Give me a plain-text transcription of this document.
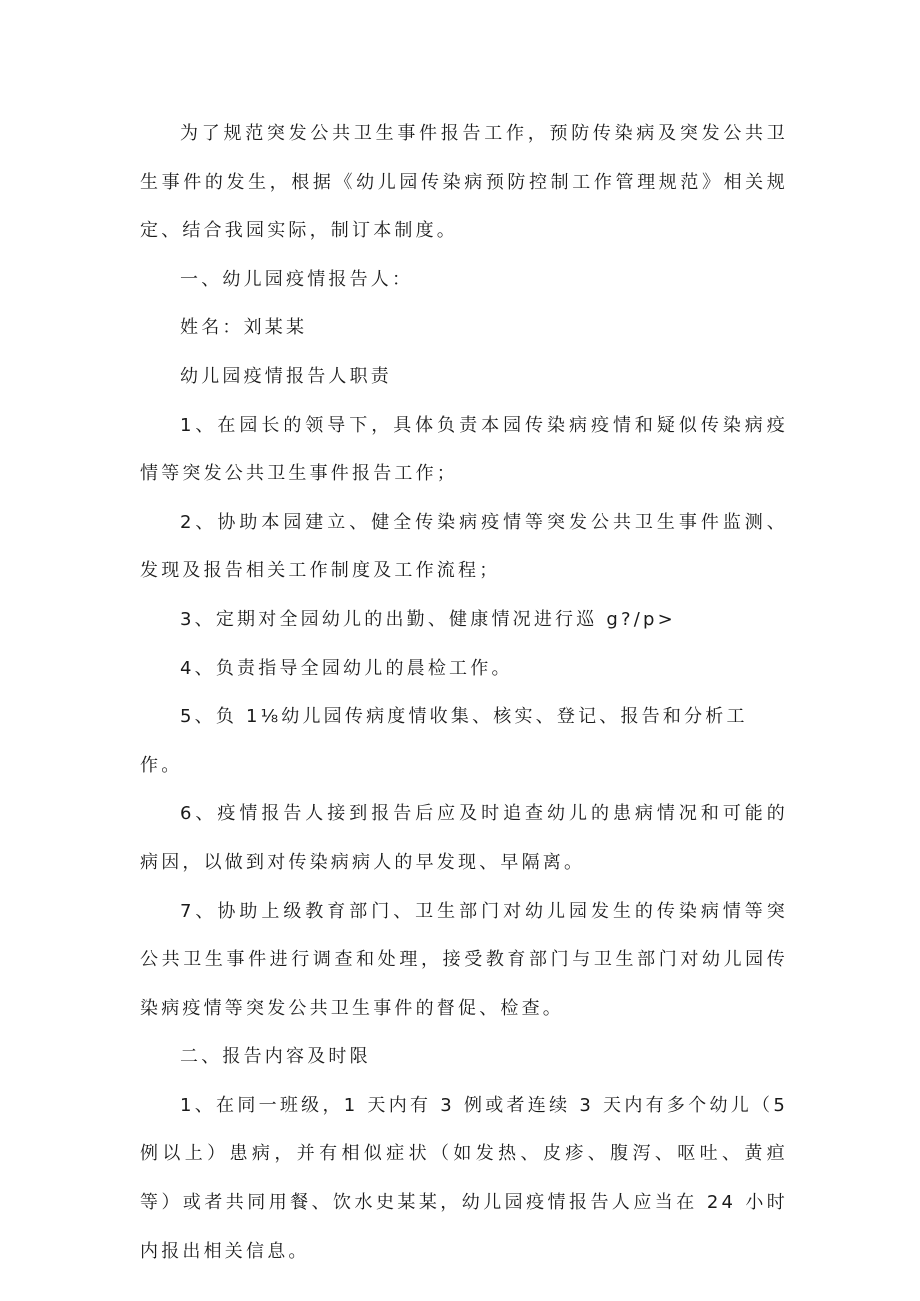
为了规范突发公共卫生事件报告工作，预防传染病及突发公共卫生事件的发生，根据《幼儿园传染病预防控制工作管理规范》相关规定、结合我园实际，制订本制度。

一、幼儿园疫情报告人：

姓名：刘某某

幼儿园疫情报告人职责

1、在园长的领导下，具体负责本园传染病疫情和疑似传染病疫情等突发公共卫生事件报告工作；

2、协助本园建立、健全传染病疫情等突发公共卫生事件监测、发现及报告相关工作制度及工作流程；

3、定期对全园幼儿的出勤、健康情况进行巡 g?/p>

4、负责指导全园幼儿的晨检工作。

5、负 1⅛幼儿园传病度情收集、核实、登记、报告和分析工作。

6、疫情报告人接到报告后应及时追查幼儿的患病情况和可能的病因，以做到对传染病病人的早发现、早隔离。

7、协助上级教育部门、卫生部门对幼儿园发生的传染病情等突公共卫生事件进行调查和处理，接受教育部门与卫生部门对幼儿园传染病疫情等突发公共卫生事件的督促、检查。

二、报告内容及时限

1、在同一班级，1 天内有 3 例或者连续 3 天内有多个幼儿（5 例以上）患病，并有相似症状（如发热、皮疹、腹泻、呕吐、黄疸等）或者共同用餐、饮水史某某，幼儿园疫情报告人应当在 24 小时内报出相关信息。
